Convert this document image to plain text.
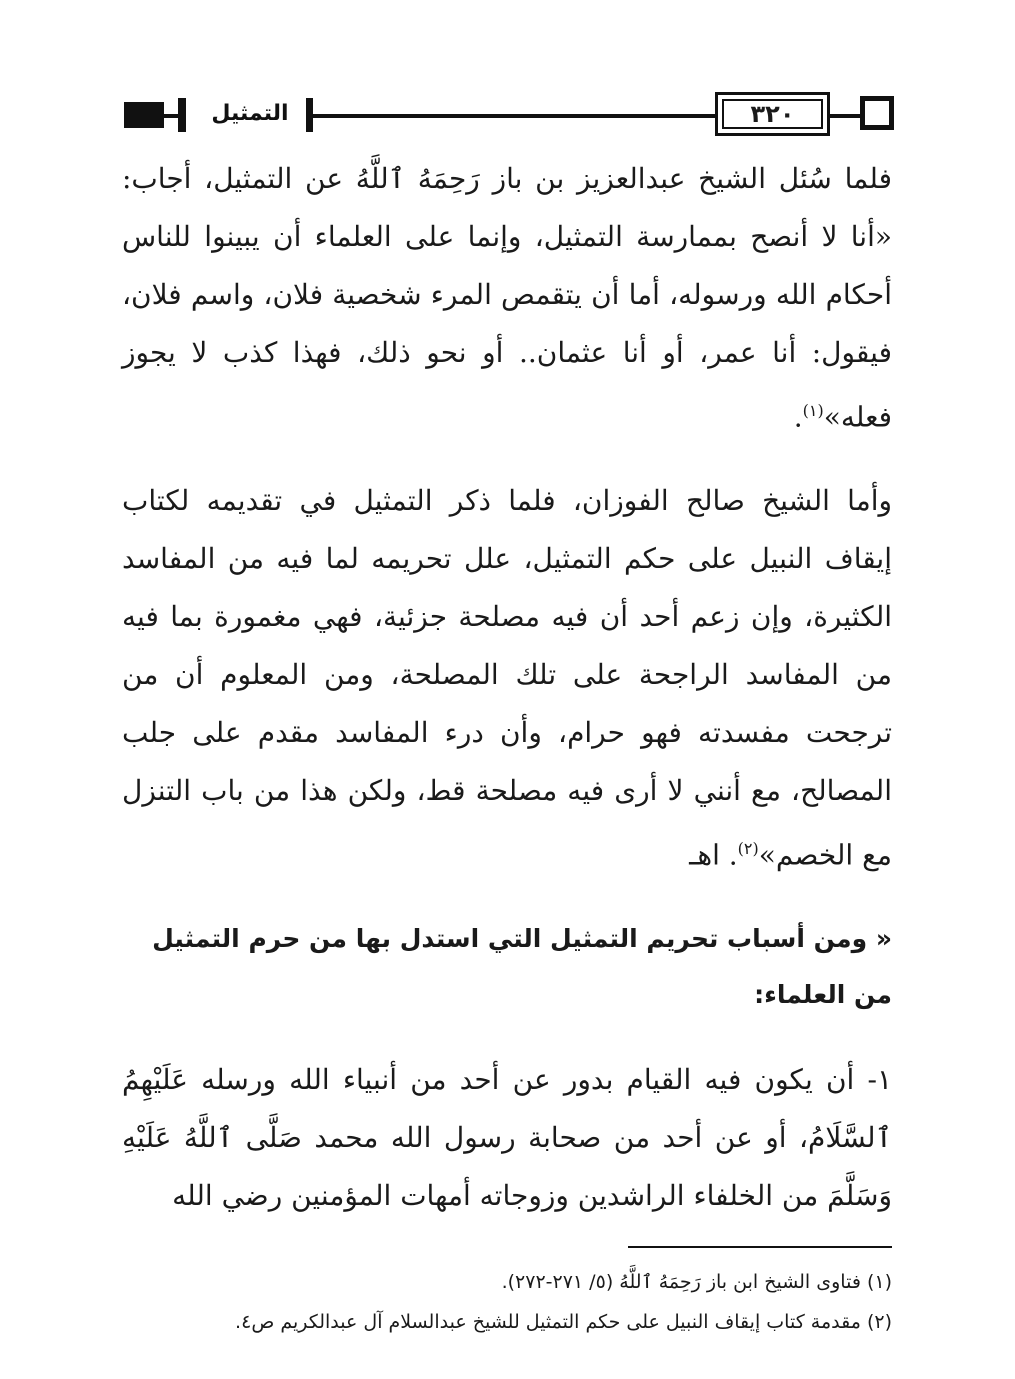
التمثيل	٣٢٠

فلما سُئل الشيخ عبدالعزيز بن باز رَحِمَهُ ٱللَّهُ عن التمثيل، أجاب: «أنا لا أنصح بممارسة التمثيل، وإنما على العلماء أن يبينوا للناس أحكام الله ورسوله، أما أن يتقمص المرء شخصية فلان، واسم فلان، فيقول: أنا عمر، أو أنا عثمان.. أو نحو ذلك، فهذا كذب لا يجوز فعله»$^{(١)}$.

وأما الشيخ صالح الفوزان، فلما ذكر التمثيل في تقديمه لكتاب إيقاف النبيل على حكم التمثيل، علل تحريمه لما فيه من المفاسد الكثيرة، وإن زعم أحد أن فيه مصلحة جزئية، فهي مغمورة بما فيه من المفاسد الراجحة على تلك المصلحة، ومن المعلوم أن من ترجحت مفسدته فهو حرام، وأن درء المفاسد مقدم على جلب المصالح، مع أنني لا أرى فيه مصلحة قط، ولكن هذا من باب التنزل مع الخصم»$^{(٢)}$. اهـ

« ومن أسباب تحريم التمثيل التي استدل بها من حرم التمثيل من العلماء:

١- أن يكون فيه القيام بدور عن أحد من أنبياء الله ورسله عَلَيْهِمُ ٱلسَّلَامُ، أو عن أحد من صحابة رسول الله محمد صَلَّى ٱللَّهُ عَلَيْهِ وَسَلَّمَ من الخلفاء الراشدين وزوجاته أمهات المؤمنين رضي الله

(١) فتاوى الشيخ ابن باز رَحِمَهُ ٱللَّهُ (٥/ ٢٧١-٢٧٢).
(٢) مقدمة كتاب إيقاف النبيل على حكم التمثيل للشيخ عبدالسلام آل عبدالكريم ص٤.
